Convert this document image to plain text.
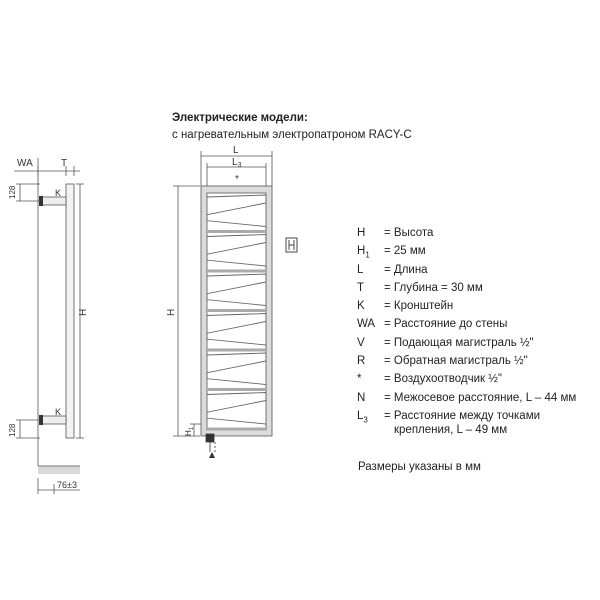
Электрические модели:
с нагревательным электропатроном RACY-C
WA	T
H
K
K
128
128
76±3
L
$L_3$
*
H
$H_1$
H = Высота
$H_1 = 25$ мм
L = Длина
T = Глубина = 30 мм
K = Кронштейн
WA = Расстояние до стены
V = Подающая магистраль ½"
R = Обратная магистраль ½"
* = Воздухоотводчик ½"
N = Межосевое расстояние, L – 44 мм
$L_3$ = Расстояние между точками
крепления, L – 49 мм
Размеры указаны в мм
